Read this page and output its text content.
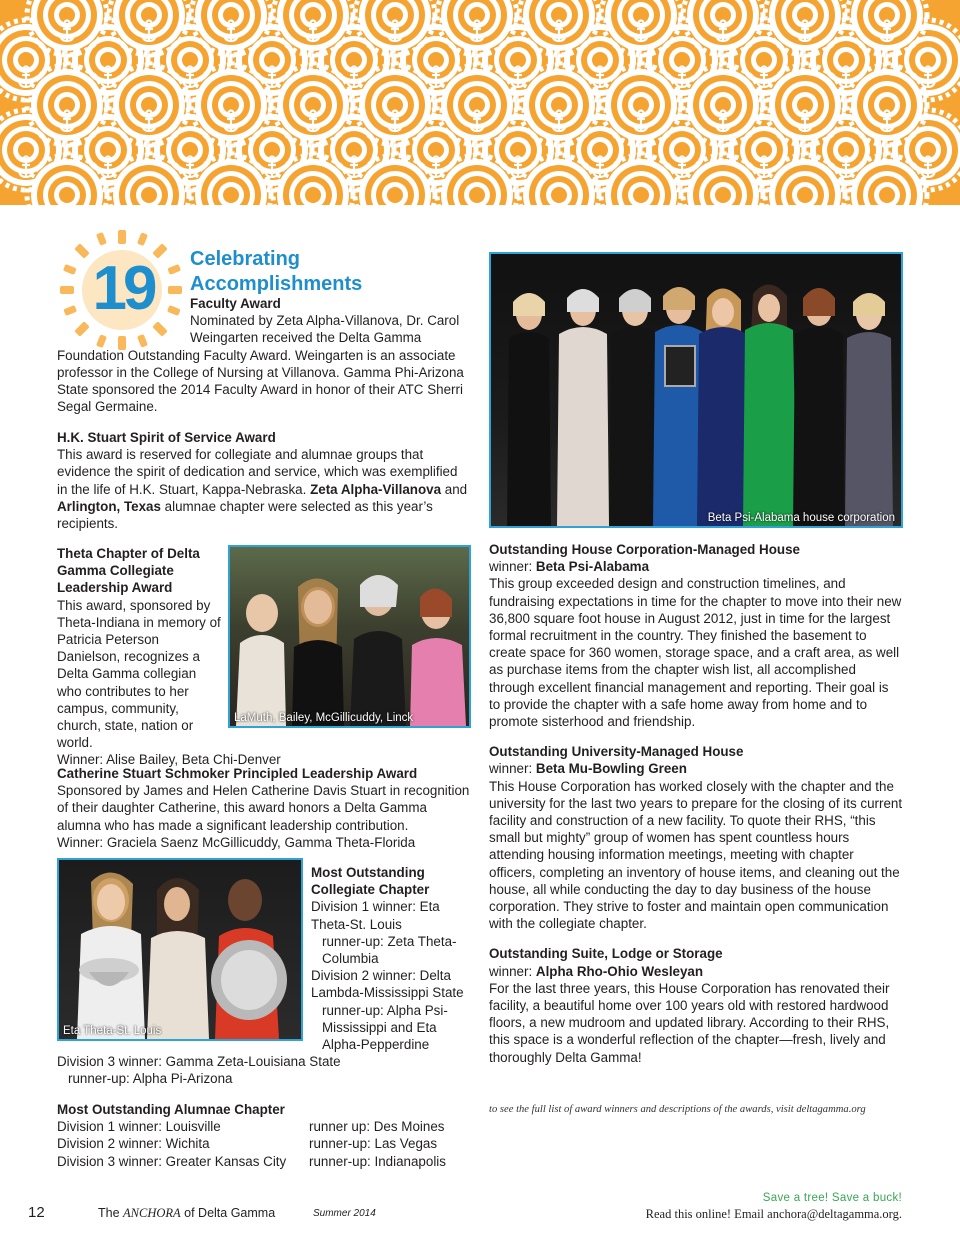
19	Celebrating
Accomplishments

Faculty Award

Nominated by Zeta Alpha-Villanova, Dr. Carol Weingarten received the Delta Gamma

Foundation Outstanding Faculty Award. Weingarten is an associate professor in the College of Nursing at Villanova. Gamma Phi-Arizona State sponsored the 2014 Faculty Award in honor of their ATC Sherri Segal Germaine.

H.K. Stuart Spirit of Service Award

This award is reserved for collegiate and alumnae groups that evidence the spirit of dedication and service, which was exemplified in the life of H.K. Stuart, Kappa-Nebraska. Zeta Alpha-Villanova and Arlington, Texas alumnae chapter were selected as this year’s recipients.

Theta Chapter of Delta Gamma Collegiate Leadership Award

This award, sponsored by Theta-Indiana in memory of Patricia Peterson Danielson, recognizes a Delta Gamma collegian who contributes to her campus, community, church, state, nation or world.

Winner: Alise Bailey, Beta Chi-Denver

LaMuth, Bailey, McGillicuddy, Linck

Catherine Stuart Schmoker Principled Leadership Award

Sponsored by James and Helen Catherine Davis Stuart in recognition of their daughter Catherine, this award honors a Delta Gamma alumna who has made a significant leadership contribution.

Winner: Graciela Saenz McGillicuddy, Gamma Theta-Florida

Eta Theta-St. Louis

Most Outstanding Collegiate Chapter

Division 1 winner: Eta Theta-St. Louis

runner-up: Zeta Theta-Columbia

Division 2 winner: Delta Lambda-Mississippi State

runner-up: Alpha Psi-Mississippi and Eta Alpha-Pepperdine

Division 3 winner: Gamma Zeta-Louisiana State

runner-up: Alpha Pi-Arizona

Most Outstanding Alumnae Chapter

Division 1 winner: Louisville	runner up: Des Moines
Division 2 winner: Wichita	runner-up: Las Vegas
Division 3 winner: Greater Kansas City	runner-up: Indianapolis
Beta Psi-Alabama house corporation

Outstanding House Corporation-Managed House

winner: Beta Psi-Alabama

This group exceeded design and construction timelines, and fundraising expectations in time for the chapter to move into their new 36,800 square foot house in August 2012, just in time for the largest formal recruitment in the country. They finished the basement to create space for 360 women, storage space, and a craft area, as well as purchase items from the chapter wish list, all accomplished through excellent financial management and reporting. Their goal is to provide the chapter with a safe home away from home and to promote sisterhood and friendship.

Outstanding University-Managed House

winner: Beta Mu-Bowling Green

This House Corporation has worked closely with the chapter and the university for the last two years to prepare for the closing of its current facility and construction of a new facility. To quote their RHS, “this small but mighty” group of women has spent countless hours attending housing information meetings, meeting with chapter officers, completing an inventory of house items, and cleaning out the house, all while conducting the day to day business of the house corporation. They strive to foster and maintain open communication with the collegiate chapter.

Outstanding Suite, Lodge or Storage

winner: Alpha Rho-Ohio Wesleyan

For the last three years, this House Corporation has renovated their facility, a beautiful home over 100 years old with restored hardwood floors, a new mudroom and updated library. According to their RHS, this space is a wonderful reflection of the chapter—fresh, lively and thoroughly Delta Gamma!

to see the full list of award winners and descriptions of the awards, visit deltagamma.org
12	The ANCHORA of Delta Gamma	Summer 2014
Save a tree! Save a buck!
Read this online! Email anchora@deltagamma.org.
